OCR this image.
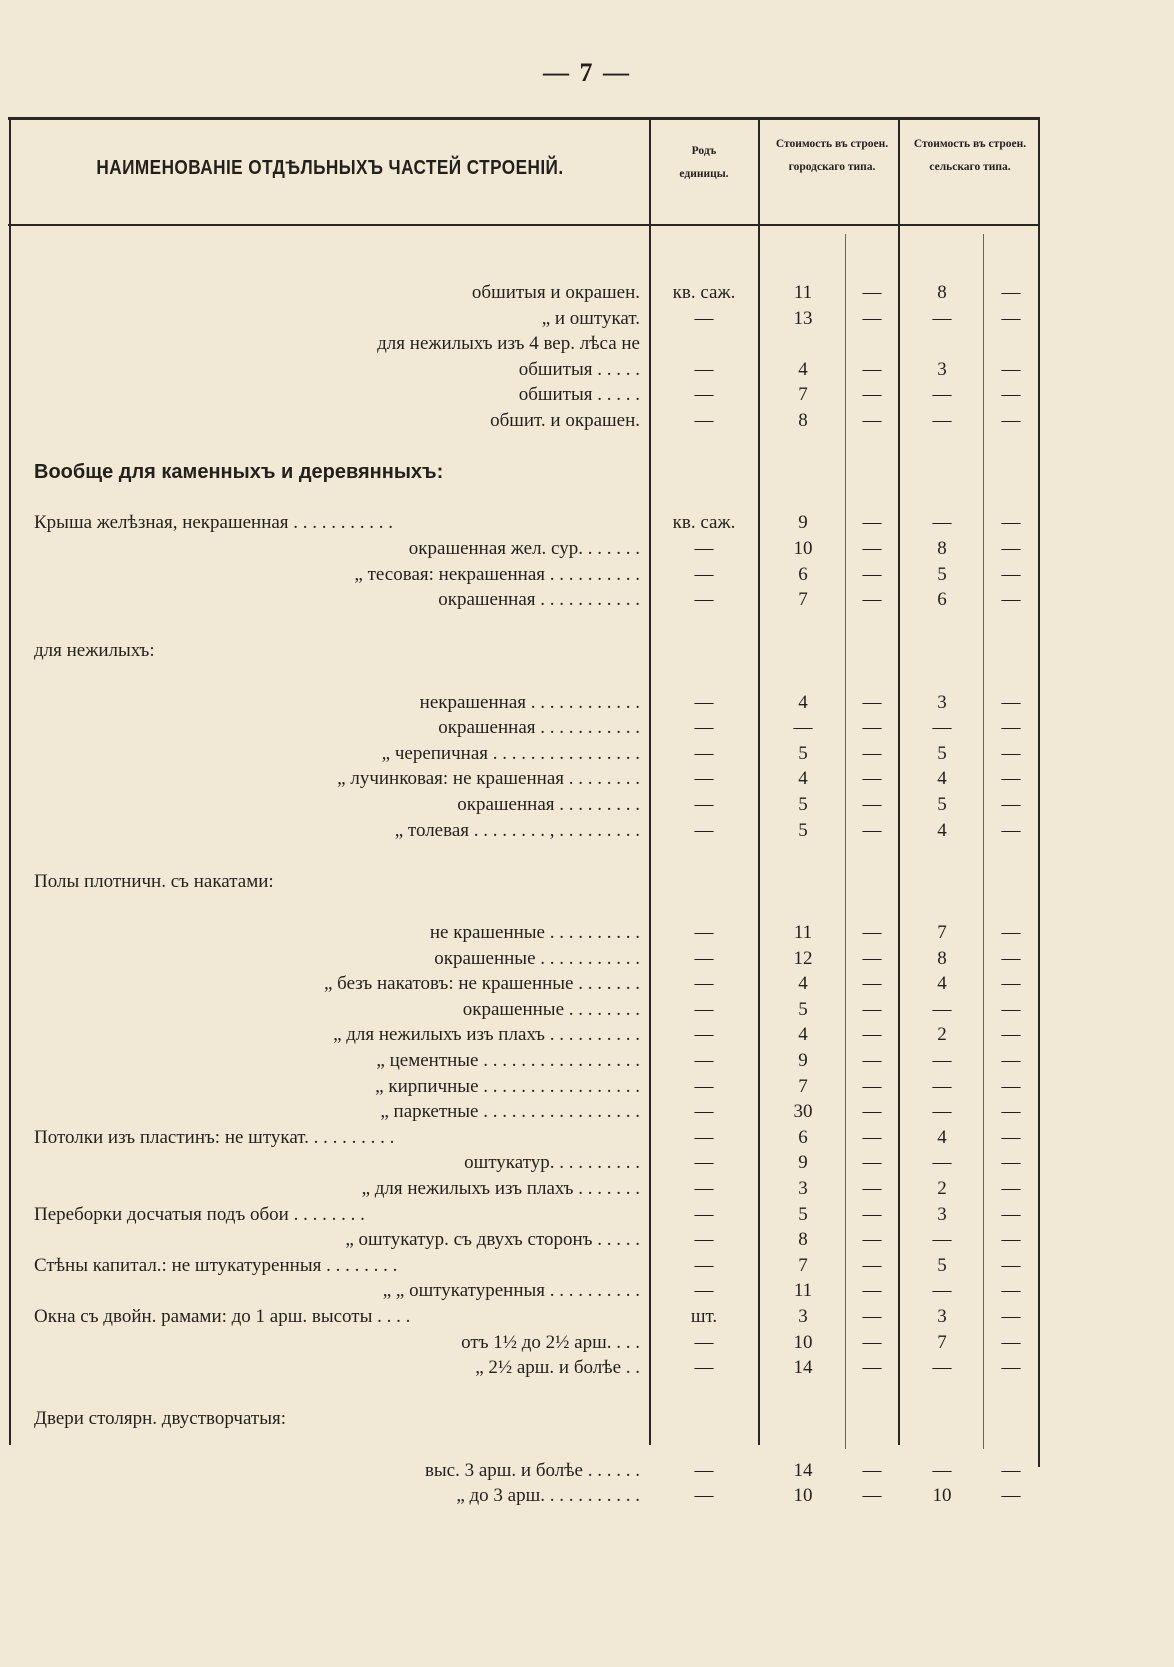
— 7 —
НАИМЕНОВАНІЕ ОТДѢЛЬНЫХЪ ЧАСТЕЙ СТРОЕНІЙ.
Родъ единицы.
Стоимость въ строен. городскаго типа.
Стоимость въ строен. сельскаго типа.
обшитыя и окрашен.	кв. саж.	11	—	8	—
„ и оштукат.	—	13	—	—	—
для нежилыхъ изъ 4 вер. лѣса не
обшитыя . . . . .	—	4	—	3	—
обшитыя . . . . .	—	7	—	—	—
обшит. и окрашен.	—	8	—	—	—
Вообще для каменныхъ и деревянныхъ:
Крыша желѣзная, некрашенная . . . . . . . . . . .	кв. саж.	9	—	—	—
окрашенная жел. сур. . . . . . .	—	10	—	8	—
„ тесовая: некрашенная . . . . . . . . . .	—	6	—	5	—
окрашенная . . . . . . . . . . .	—	7	—	6	—
для нежилыхъ:
некрашенная . . . . . . . . . . . .	—	4	—	3	—
окрашенная . . . . . . . . . . .	—	—	—	—	—
„ черепичная . . . . . . . . . . . . . . . .	—	5	—	5	—
„ лучинковая: не крашенная . . . . . . . .	—	4	—	4	—
окрашенная . . . . . . . . .	—	5	—	5	—
„ толевая . . . . . . . . , . . . . . . . . .	—	5	—	4	—
Полы плотничн. съ накатами:
не крашенные . . . . . . . . . .	—	11	—	7	—
окрашенные . . . . . . . . . . .	—	12	—	8	—
„ безъ накатовъ: не крашенные . . . . . . .	—	4	—	4	—
окрашенные . . . . . . . .	—	5	—	—	—
„ для нежилыхъ изъ плахъ . . . . . . . . . .	—	4	—	2	—
„ цементные . . . . . . . . . . . . . . . . .	—	9	—	—	—
„ кирпичные . . . . . . . . . . . . . . . . .	—	7	—	—	—
„ паркетные . . . . . . . . . . . . . . . . .	—	30	—	—	—
Потолки изъ пластинъ: не штукат. . . . . . . . . .	—	6	—	4	—
оштукатур. . . . . . . . . .	—	9	—	—	—
„ для нежилыхъ изъ плахъ . . . . . . .	—	3	—	2	—
Переборки досчатыя подъ обои . . . . . . . .	—	5	—	3	—
„ оштукатур. съ двухъ сторонъ . . . . .	—	8	—	—	—
Стѣны капитал.: не штукатуренныя . . . . . . . .	—	7	—	5	—
„ „ оштукатуренныя . . . . . . . . . .	—	11	—	—	—
Окна съ двойн. рамами: до 1 арш. высоты . . . .	шт.	3	—	3	—
отъ 1½ до 2½ арш. . . .	—	10	—	7	—
„ 2½ арш. и болѣе . .	—	14	—	—	—
Двери столярн. двустворчатыя:
выс. 3 арш. и болѣе . . . . . .	—	14	—	—	—
„ до 3 арш. . . . . . . . . . .	—	10	—	10	—
